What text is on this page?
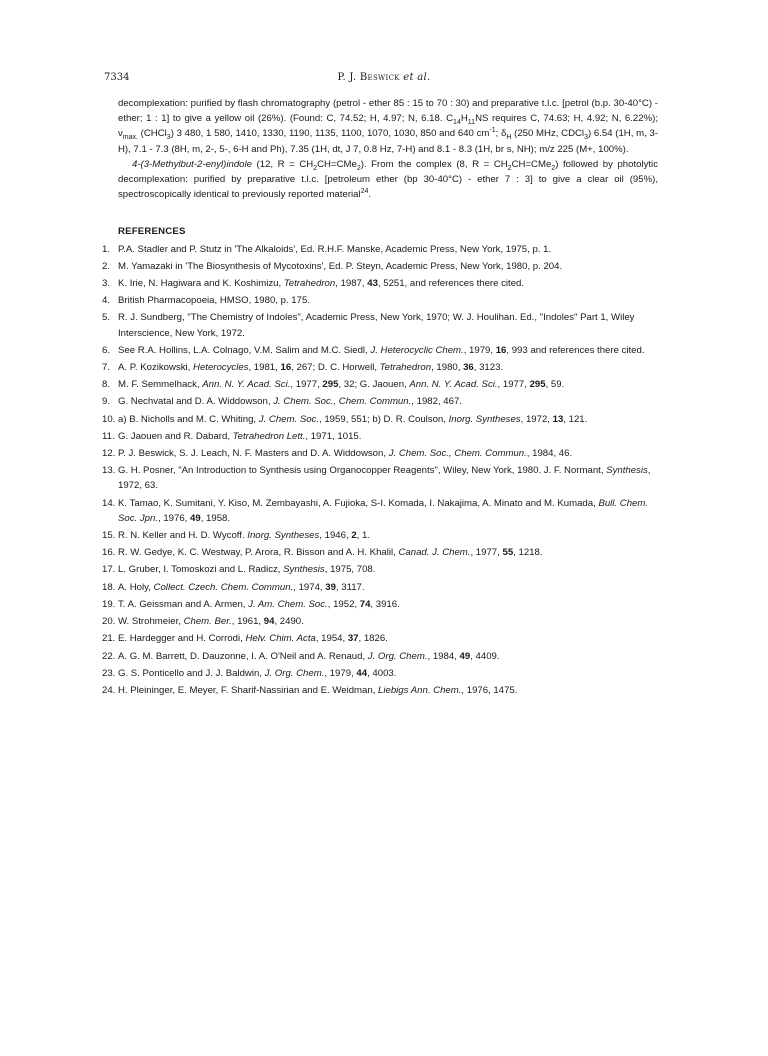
7334	P. J. Beswick et al.

decomplexation: purified by flash chromatography (petrol - ether 85 : 15 to 70 : 30) and preparative t.l.c. [petrol (b.p. 30-40°C) - ether; 1 : 1] to give a yellow oil (26%). (Found: C, 74.52; H, 4.97; N, 6.18. $C_{14}H_{11}NS$ requires C, 74.63; H, 4.92; N, 6.22%); $\nu_{max.}$ (CHCl$_3$) 3 480, 1 580, 1410, 1330, 1190, 1135, 1100, 1070, 1030, 850 and 640 $cm^{-1}$; $\delta_H$ (250 MHz, CDCl$_3$) 6.54 (1H, m, 3-H), 7.1 - 7.3 (8H, m, 2-, 5-, 6-H and Ph), 7.35 (1H, dt, J 7, 0.8 Hz, 7-H) and 8.1 - 8.3 (1H, br s, NH); m/z 225 (M+, 100%).

4-(3-Methylbut-2-enyl)indole (12, $R = CH_2CH=CMe_2$). From the complex (8, $R = CH_2CH=CMe_2$) followed by photolytic decomplexation: purified by preparative t.l.c. [petroleum ether (bp 30-40°C) - ether 7 : 3] to give a clear oil (95%), spectroscopically identical to previously reported material$^{24}$.

REFERENCES
1. P.A. Stadler and P. Stutz in 'The Alkaloids', Ed. R.H.F. Manske, Academic Press, New York, 1975, p. 1.
2. M. Yamazaki in 'The Biosynthesis of Mycotoxins', Ed. P. Steyn, Academic Press, New York, 1980, p. 204.
3. K. Irie, N. Hagiwara and K. Koshimizu, Tetrahedron, 1987, 43, 5251, and references there cited.
4. British Pharmacopoeia, HMSO, 1980, p. 175.
5. R. J. Sundberg, "The Chemistry of Indoles", Academic Press, New York, 1970; W. J. Houlihan. Ed., "Indoles" Part 1, Wiley Interscience, New York, 1972.
6. See R.A. Hollins, L.A. Colnago, V.M. Salim and M.C. Siedl, J. Heterocyclic Chem., 1979, 16, 993 and references there cited.
7. A. P. Kozikowski, Heterocycles, 1981, 16, 267; D. C. Horwell, Tetrahedron, 1980, 36, 3123.
8. M. F. Semmelhack, Ann. N. Y. Acad. Sci., 1977, 295, 32; G. Jaouen, Ann. N. Y. Acad. Sci., 1977, 295, 59.
9. G. Nechvatal and D. A. Widdowson, J. Chem. Soc., Chem. Commun., 1982, 467.
10. a) B. Nicholls and M. C. Whiting, J. Chem. Soc., 1959, 551; b) D. R. Coulson, Inorg. Syntheses, 1972, 13, 121.
11. G. Jaouen and R. Dabard, Tetrahedron Lett., 1971, 1015.
12. P. J. Beswick, S. J. Leach, N. F. Masters and D. A. Widdowson, J. Chem. Soc., Chem. Commun., 1984, 46.
13. G. H. Posner, "An Introduction to Synthesis using Organocopper Reagents", Wiley, New York, 1980. J. F. Normant, Synthesis, 1972, 63.
14. K. Tamao, K. Sumitani, Y. Kiso, M. Zembayashi, A. Fujioka, S-I. Komada, I. Nakajima, A. Minato and M. Kumada, Bull. Chem. Soc. Jpn., 1976, 49, 1958.
15. R. N. Keller and H. D. Wycoff. Inorg. Syntheses, 1946, 2, 1.
16. R. W. Gedye, K. C. Westway, P. Arora, R. Bisson and A. H. Khalil, Canad. J. Chem., 1977, 55, 1218.
17. L. Gruber, I. Tomoskozi and L. Radicz, Synthesis, 1975, 708.
18. A. Holy, Collect. Czech. Chem. Commun., 1974, 39, 3117.
19. T. A. Geissman and A. Armen, J. Am. Chem. Soc., 1952, 74, 3916.
20. W. Strohmeier, Chem. Ber., 1961, 94, 2490.
21. E. Hardegger and H. Corrodi, Helv. Chim. Acta, 1954, 37, 1826.
22. A. G. M. Barrett, D. Dauzonne, I. A. O'Neil and A. Renaud, J. Org. Chem., 1984, 49, 4409.
23. G. S. Ponticello and J. J. Baldwin, J. Org. Chem., 1979, 44, 4003.
24. H. Pleininger, E. Meyer, F. Sharif-Nassirian and E. Weidman, Liebigs Ann. Chem., 1976, 1475.
